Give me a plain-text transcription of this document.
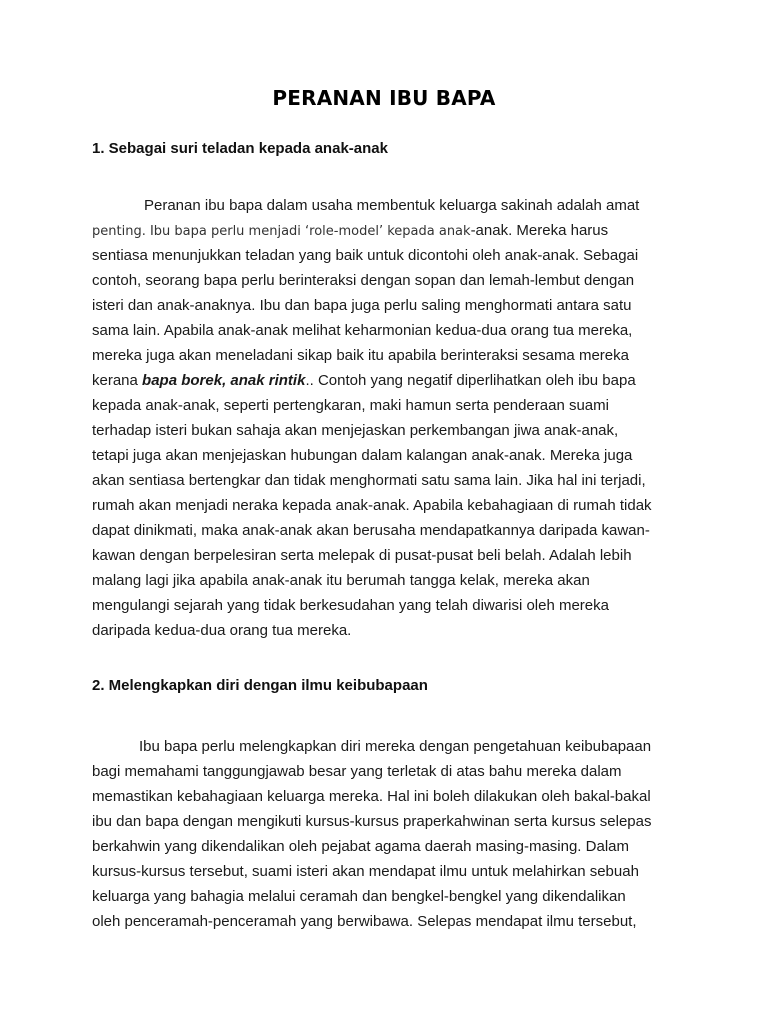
PERANAN IBU BAPA
1. Sebagai suri teladan kepada anak-anak
Peranan ibu bapa dalam usaha membentuk keluarga sakinah adalah amat
penting. Ibu bapa perlu menjadi ‘role-model’ kepada anak-anak. Mereka harus
sentiasa menunjukkan teladan yang baik untuk dicontohi oleh anak-anak. Sebagai
contoh, seorang bapa perlu berinteraksi dengan sopan dan lemah-lembut dengan
isteri dan anak-anaknya. Ibu dan bapa juga perlu saling menghormati antara satu
sama lain. Apabila anak-anak melihat keharmonian kedua-dua orang tua mereka,
mereka juga akan meneladani sikap baik itu apabila berinteraksi sesama mereka
kerana bapa borek, anak rintik.. Contoh yang negatif diperlihatkan oleh ibu bapa
kepada anak-anak, seperti pertengkaran, maki hamun serta penderaan suami
terhadap isteri bukan sahaja akan menjejaskan perkembangan jiwa anak-anak,
tetapi juga akan menjejaskan hubungan dalam kalangan anak-anak. Mereka juga
akan sentiasa bertengkar dan tidak menghormati satu sama lain. Jika hal ini terjadi,
rumah akan menjadi neraka kepada anak-anak. Apabila kebahagiaan di rumah tidak
dapat dinikmati, maka anak-anak akan berusaha mendapatkannya daripada kawan-
kawan dengan berpelesiran serta melepak di pusat-pusat beli belah. Adalah lebih
malang lagi jika apabila anak-anak itu berumah tangga kelak, mereka akan
mengulangi sejarah yang tidak berkesudahan yang telah diwarisi oleh mereka
daripada kedua-dua orang tua mereka.
2. Melengkapkan diri dengan ilmu keibubapaan
Ibu bapa perlu melengkapkan diri mereka dengan pengetahuan keibubapaan
bagi memahami tanggungjawab besar yang terletak di atas bahu mereka dalam
memastikan kebahagiaan keluarga mereka. Hal ini boleh dilakukan oleh bakal-bakal
ibu dan bapa dengan mengikuti kursus-kursus praperkahwinan serta kursus selepas
berkahwin yang dikendalikan oleh pejabat agama daerah masing-masing. Dalam
kursus-kursus tersebut, suami isteri akan mendapat ilmu untuk melahirkan sebuah
keluarga yang bahagia melalui ceramah dan bengkel-bengkel yang dikendalikan
oleh penceramah-penceramah yang berwibawa. Selepas mendapat ilmu tersebut,
